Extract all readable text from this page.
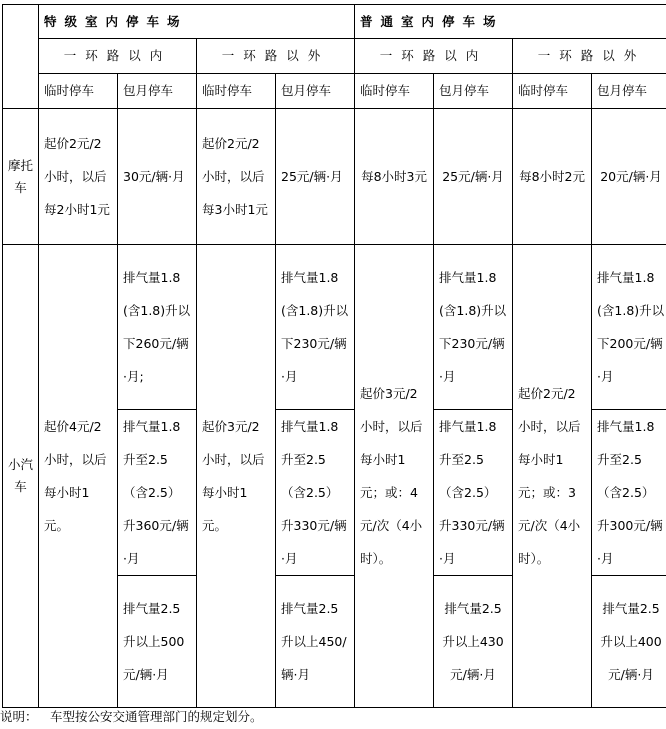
	特级室内停车场				普通室内停车场			
	一环路以内		一环路以外		一环路以内		一环路以外	
	临时停车	包月停车	临时停车	包月停车	临时停车	包月停车	临时停车	包月停车
摩托车	起价2元/2小时，以后每2小时1元	30元/辆·月	起价2元/2小时，以后每3小时1元	25元/辆·月	每8小时3元	25元/辆·月	每8小时2元	20元/辆·月
小汽车	起价4元/2小时，以后每小时1元。	排气量1.8(含1.8)升以下260元/辆·月;	起价3元/2小时，以后每小时1元。	排气量1.8(含1.8)升以下230元/辆·月	起价3元/2小时，以后每小时1元；或：4元/次（4小时）。	排气量1.8(含1.8)升以下230元/辆·月	起价2元/2小时，以后每小时1元；或：3元/次（4小时）。	排气量1.8(含1.8)升以下200元/辆·月
		排气量1.8升至2.5（含2.5）升360元/辆·月		排气量1.8升至2.5（含2.5）升330元/辆·月		排气量1.8升至2.5（含2.5）升330元/辆·月		排气量1.8升至2.5（含2.5）升300元/辆·月
		排气量2.5升以上500元/辆·月		排气量2.5升以上450/辆·月		排气量2.5升以上430元/辆·月		排气量2.5升以上400元/辆·月
说明： 车型按公安交通管理部门的规定划分。
